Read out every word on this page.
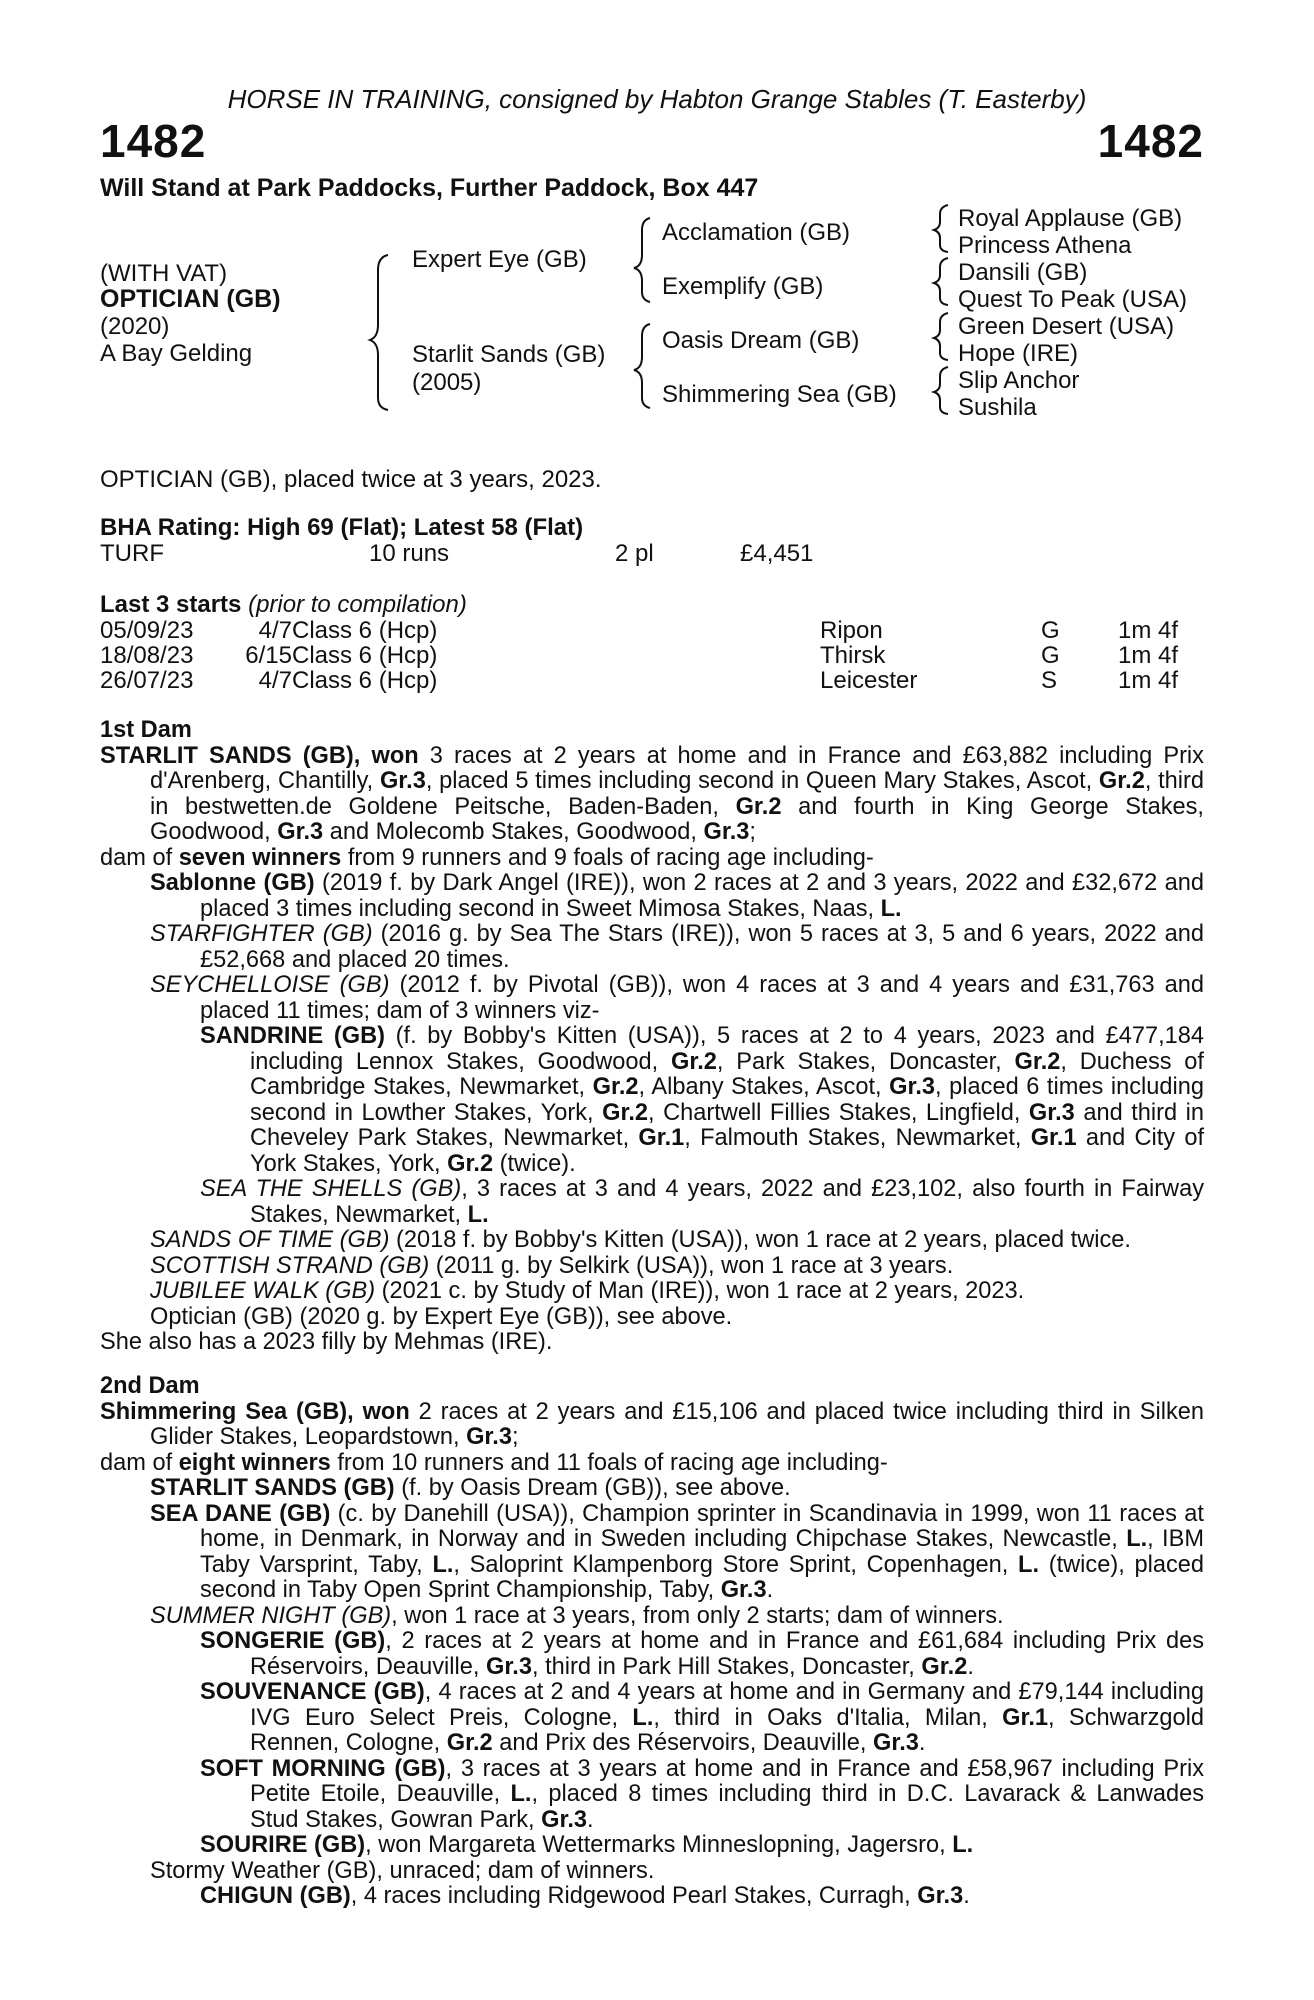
HORSE IN TRAINING, consigned by Habton Grange Stables (T. Easterby)
1482	1482
Will Stand at Park Paddocks, Further Paddock, Box 447
(WITH VAT)
OPTICIAN (GB)
(2020)
A Bay Gelding
Expert Eye (GB)
Starlit Sands (GB)
(2005)
Acclamation (GB)
Exemplify (GB)
Oasis Dream (GB)
Shimmering Sea (GB)
Royal Applause (GB)
Princess Athena
Dansili (GB)
Quest To Peak (USA)
Green Desert (USA)
Hope (IRE)
Slip Anchor
Sushila
OPTICIAN (GB), placed twice at 3 years, 2023.
BHA Rating: High 69 (Flat); Latest 58 (Flat)
TURF	10 runs	2 pl	£4,451
Last 3 starts (prior to compilation)
05/09/23	4/7 Class 6 (Hcp)	Ripon	G 1m 4f
18/08/23	6/15 Class 6 (Hcp)	Thirsk	G 1m 4f
26/07/23	4/7 Class 6 (Hcp)	Leicester	S	1m 4f

1st Dam

STARLIT SANDS (GB), won 3 races at 2 years at home and in France and £63,882 including Prix d'Arenberg, Chantilly, Gr.3, placed 5 times including second in Queen Mary Stakes, Ascot, Gr.2, third in bestwetten.de Goldene Peitsche, Baden-Baden, Gr.2 and fourth in King George Stakes, Goodwood, Gr.3 and Molecomb Stakes, Goodwood, Gr.3;

dam of seven winners from 9 runners and 9 foals of racing age including-

Sablonne (GB) (2019 f. by Dark Angel (IRE)), won 2 races at 2 and 3 years, 2022 and £32,672 and placed 3 times including second in Sweet Mimosa Stakes, Naas, L.

STARFIGHTER (GB) (2016 g. by Sea The Stars (IRE)), won 5 races at 3, 5 and 6 years, 2022 and £52,668 and placed 20 times.

SEYCHELLOISE (GB) (2012 f. by Pivotal (GB)), won 4 races at 3 and 4 years and £31,763 and placed 11 times; dam of 3 winners viz-

SANDRINE (GB) (f. by Bobby's Kitten (USA)), 5 races at 2 to 4 years, 2023 and £477,184 including Lennox Stakes, Goodwood, Gr.2, Park Stakes, Doncaster, Gr.2, Duchess of Cambridge Stakes, Newmarket, Gr.2, Albany Stakes, Ascot, Gr.3, placed 6 times including second in Lowther Stakes, York, Gr.2, Chartwell Fillies Stakes, Lingfield, Gr.3 and third in Cheveley Park Stakes, Newmarket, Gr.1, Falmouth Stakes, Newmarket, Gr.1 and City of York Stakes, York, Gr.2 (twice).

SEA THE SHELLS (GB), 3 races at 3 and 4 years, 2022 and £23,102, also fourth in Fairway Stakes, Newmarket, L.

SANDS OF TIME (GB) (2018 f. by Bobby's Kitten (USA)), won 1 race at 2 years, placed twice.

SCOTTISH STRAND (GB) (2011 g. by Selkirk (USA)), won 1 race at 3 years.

JUBILEE WALK (GB) (2021 c. by Study of Man (IRE)), won 1 race at 2 years, 2023.

Optician (GB) (2020 g. by Expert Eye (GB)), see above.

She also has a 2023 filly by Mehmas (IRE).

2nd Dam

Shimmering Sea (GB), won 2 races at 2 years and £15,106 and placed twice including third in Silken Glider Stakes, Leopardstown, Gr.3;

dam of eight winners from 10 runners and 11 foals of racing age including-

STARLIT SANDS (GB) (f. by Oasis Dream (GB)), see above.

SEA DANE (GB) (c. by Danehill (USA)), Champion sprinter in Scandinavia in 1999, won 11 races at home, in Denmark, in Norway and in Sweden including Chipchase Stakes, Newcastle, L., IBM Taby Varsprint, Taby, L., Saloprint Klampenborg Store Sprint, Copenhagen, L. (twice), placed second in Taby Open Sprint Championship, Taby, Gr.3.

SUMMER NIGHT (GB), won 1 race at 3 years, from only 2 starts; dam of winners.

SONGERIE (GB), 2 races at 2 years at home and in France and £61,684 including Prix des Réservoirs, Deauville, Gr.3, third in Park Hill Stakes, Doncaster, Gr.2.

SOUVENANCE (GB), 4 races at 2 and 4 years at home and in Germany and £79,144 including IVG Euro Select Preis, Cologne, L., third in Oaks d'Italia, Milan, Gr.1, Schwarzgold Rennen, Cologne, Gr.2 and Prix des Réservoirs, Deauville, Gr.3.

SOFT MORNING (GB), 3 races at 3 years at home and in France and £58,967 including Prix Petite Etoile, Deauville, L., placed 8 times including third in D.C. Lavarack & Lanwades Stud Stakes, Gowran Park, Gr.3.

SOURIRE (GB), won Margareta Wettermarks Minneslopning, Jagersro, L.

Stormy Weather (GB), unraced; dam of winners.

CHIGUN (GB), 4 races including Ridgewood Pearl Stakes, Curragh, Gr.3.
